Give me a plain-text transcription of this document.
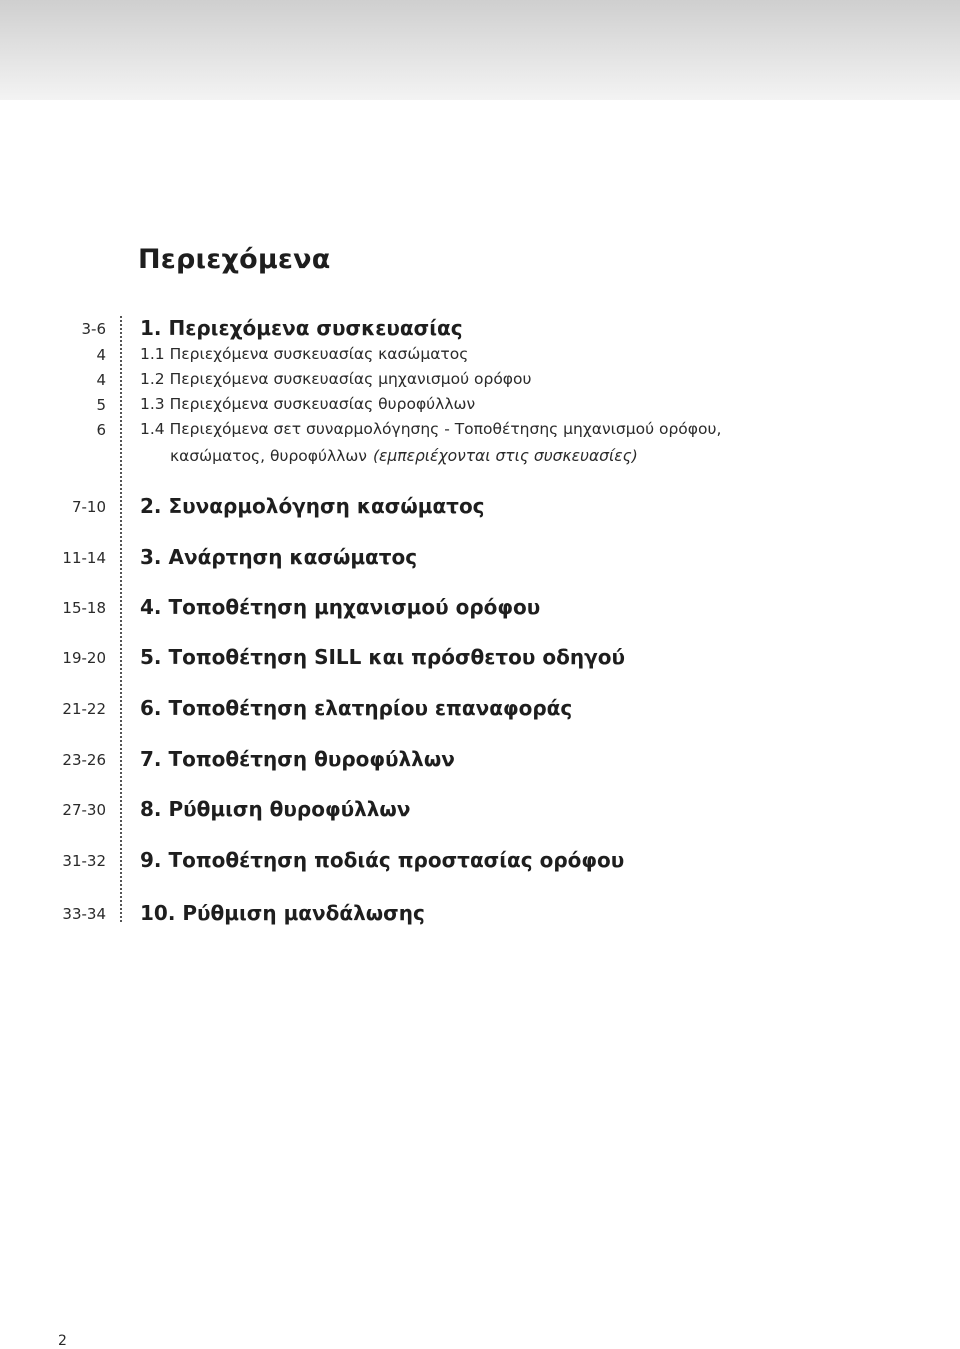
Περιεχόμενα
3-6 1. Περιεχόμενα συσκευασίας
4 1.1 Περιεχόμενα συσκευασίας κασώματος
4 1.2 Περιεχόμενα συσκευασίας μηχανισμού ορόφου
5 1.3 Περιεχόμενα συσκευασίας θυροφύλλων
6 1.4 Περιεχόμενα σετ συναρμολόγησης - Τοποθέτησης μηχανισμού ορόφου,
κασώματος, θυροφύλλων (εμπεριέχονται στις συσκευασίες)
7-10 2. Συναρμολόγηση κασώματος
11-14 3. Ανάρτηση κασώματος
15-18 4. Τοποθέτηση μηχανισμού ορόφου
19-20 5. Τοποθέτηση SILL και πρόσθετου οδηγού
21-22 6. Τοποθέτηση ελατηρίου επαναφοράς
23-26 7. Τοποθέτηση θυροφύλλων
27-30 8. Ρύθμιση θυροφύλλων
31-32 9. Τοποθέτηση ποδιάς προστασίας ορόφου
33-34 10. Ρύθμιση μανδάλωσης
2
